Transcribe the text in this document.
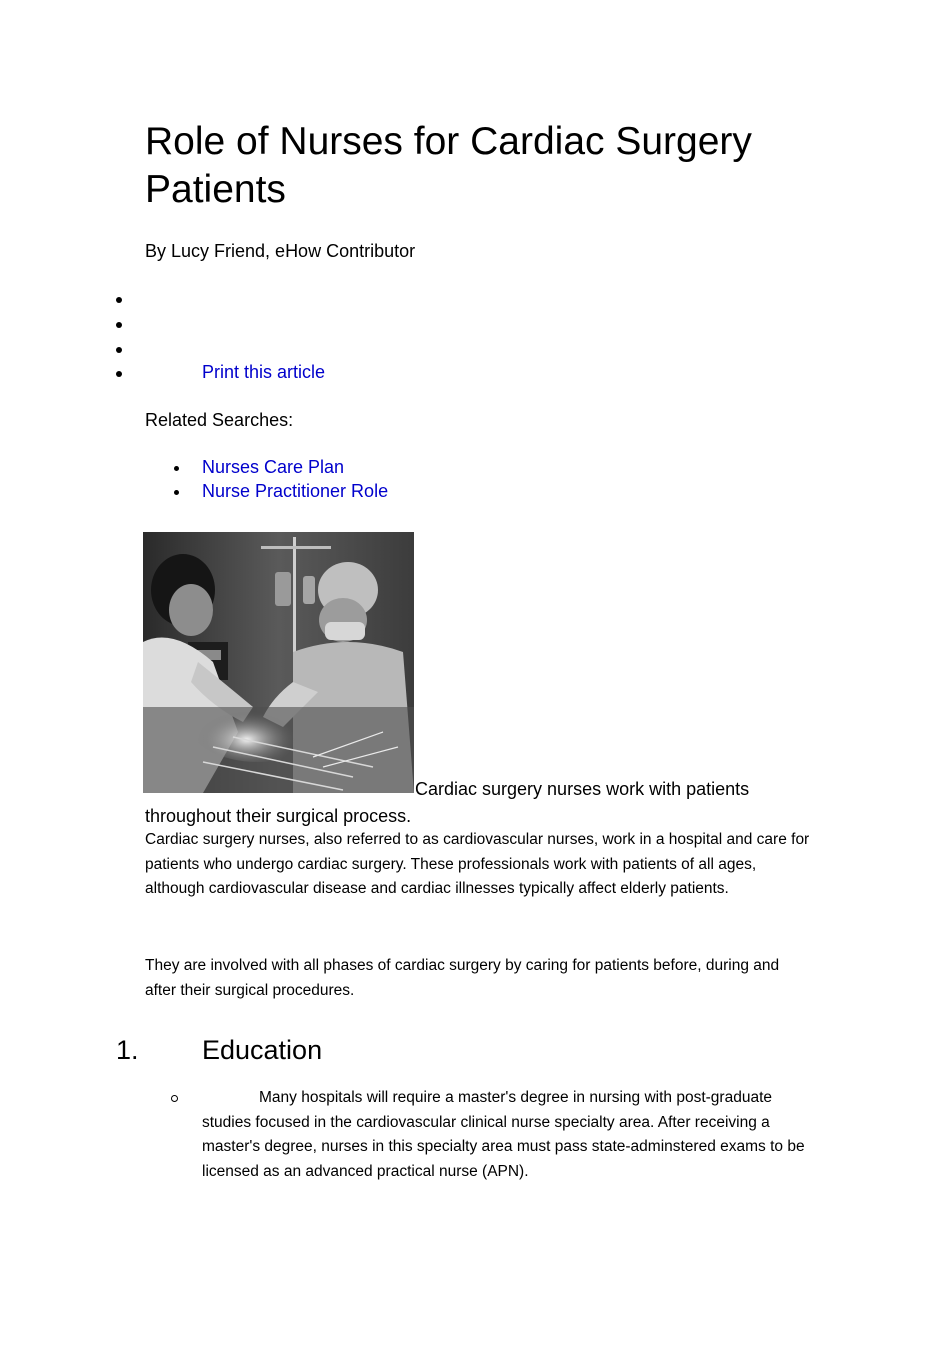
Role of Nurses for Cardiac Surgery Patients
By Lucy Friend, eHow Contributor
Print this article
Related Searches:
Nurses Care Plan
Nurse Practitioner Role
Cardiac surgery nurses work with patients throughout their surgical process.

Cardiac surgery nurses, also referred to as cardiovascular nurses, work in a hospital and care for patients who undergo cardiac surgery. These professionals work with patients of all ages, although cardiovascular disease and cardiac illnesses typically affect elderly patients.

They are involved with all phases of cardiac surgery by caring for patients before, during and after their surgical procedures.

1. Education

Many hospitals will require a master's degree in nursing with post-graduate studies focused in the cardiovascular clinical nurse specialty area. After receiving a master's degree, nurses in this specialty area must pass state-adminstered exams to be licensed as an advanced practical nurse (APN).
